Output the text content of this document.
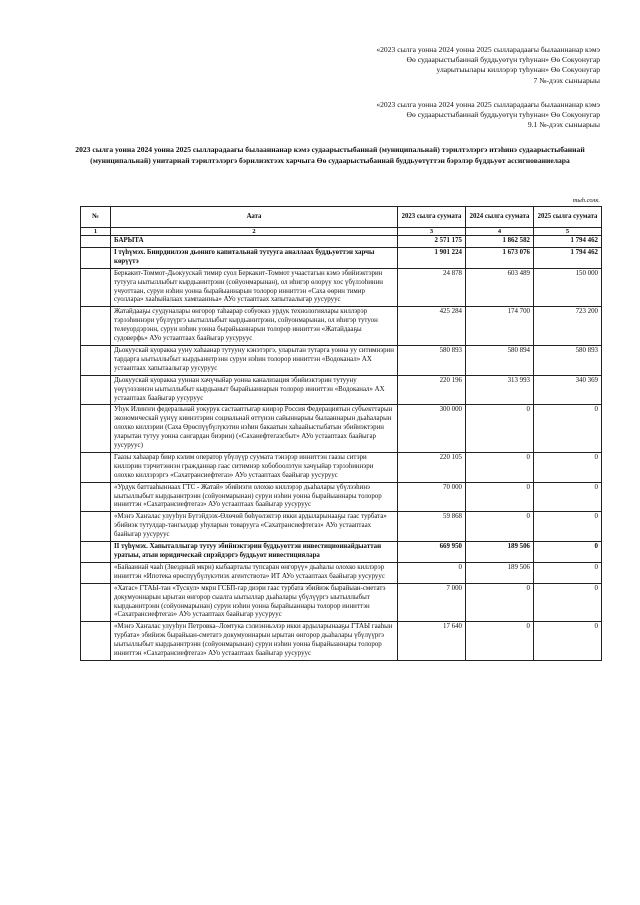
«2023 сылга уонна 2024 уонна 2025 сылларадаағы былааннанар кэмэ
Өө судаарыстыбаннай буддьуөтүн туһунан» Өө Сокуонугар
уларытыылары киллэрэр туһунан» Өө Сокуонугар
7 №-дээх сыныарыы
«2023 сылга уонна 2024 уонна 2025 сылларадаағы былааннанар кэмэ
Өө судаарыстыбаннай буддьуөтүн туһунан» Өө Сокуонугар
9.1 №-дээх сыныарыы
2023 сылга уонна 2024 уонна 2025 сылларадаағы былааннанар кэмэ судаарыстыбаннай (муниципальнай) тэрилтэлэргэ итэһинэ судаарыстыбаннай (муниципальнай) унитарнай тэрилтэлэргэ бэрилиэхтээх харчыга Өө судаарыстыбаннай буддьуөтүттэн бэрэлэр бүддьуөт ассигнованиелара
тыһ.солк.
№	Аата	2023 сылга суумата	2024 сылга суумата	2025 сылга суумата
1	2	3	4	5
	БАРЫТА	2 571 175	1 862 582	1 794 462
	I түһүмэх. Биирдиилээн дьоннго капитальнай тутууга аналлаах буддьуөттэн харчы көрүүтэ	1 901 224	1 673 076	1 794 462
	Беркакит-Томмот-Дьокуускай тимир суол Беркакит-Томмот учаастагын кэмэ эбийиэктэрин тутууга ыытыллыбыт кырдьаннтрэнн (сойуонмарынан), ол иһигэр өлорүу хос үбүлээһинин учуоттаан, суруи нэһин уонна бырайыаннарын толорор инниттэн «Саха өөрин тимир суоллара» хааһыйалаах хампаанньа» АУо устааптаах хапытаалыгар уусуруус	24 878	603 489	150 000
	Жатайдааҕы суудуналары өнгорор таһаарар собуоккэ урдук технологиялары киллэрэр тэрээһиннэри үбүлүүргэ ыытыллыбыт кырдьаннтрэнн, сойуонмарынан, ол иһигэр тутуон телеуордэрэнн, суруи нэһин уонна бырайыаннарын толорор инниттэн «Жатайдааҕы судоверфь» АУо устааптаах баайыгар уусуруус	425 284	174 700	723 200
	Дьокуускай куоракка ууну хаһаанар тутууну кэнэтэргэ, уларытан тутарга уонна уу ситимнэрин тардарга ыытыллыбыт кырдьаннтрэнн суруи нэһин толорор инниттэн «Водоканал» АХ устааптаах хапытаалыгар уусуруус	580 893	580 894	580 893
	Дьокуускай куоракка ууннан хачүчыйар уонна канализация эбийиэктэрин тутууну үөүүэзэзннэн ыытыллыбыт кырдьаныт бырайыаннарын толорор инниттэн «Водоканал» АХ устааптаах баайыгар уусуруус	220 196	313 993	340 369
	Уһук Илиҥҥи федеральнай уокурук састааптыгар киирэр Россия Федерациятын субъекттарын экономическай үүнүү киинэтэрин социальнай өттүнэн сайыннарыы былааннарын дьаһаларын олохко киллэрии (Саха Өрөспүүбүлүкэтин нэһин бакаатын хаһаайыстыбатын эбийиэктэрин уларытан тутуу уонна сангардан биэрии) («Саханефтегазсбыт» АУо устааптаах баайыгар уусуруус)	300 000	0	0
	Гаазы хаһаарар биир кэлим оператор үбүлүүр суумата тэнэрэр инниттэн гаазы ситэри киллэрин тэрчитэннэн гражданнар гаас ситимнэр хобобоолэтун хачүыйар тэрээһиннэри олохко киллэрэргэ «Сахатрансиефтегаз» АУо устааптаах баайыгар уусуруус	220 105	0	0
	«Урдук баттааһыннаах ГТС - Жатай» эбийиэги олохко киллэрэр дьаһалары үбүлээһинэ ыытыллыбыт кырдьаннтрэнн (сойуонмарынан) суруи нэһин уонна бырайыаннары толорор инниттэн «Сахатрансиефтегаз» АУо устааптаах баайыгар уусуруус	70 000	0	0
	«Мэҥэ Хаҥалас улууһун Бүтэйдээх-Өлөчөй бөһүөлэктэр икки ардыларынааҕы гаас турбата» эбийиэк тутулдар-тангылдар уһуларын товарууга «Сахатрансиефтегаз» АУо устааптаах баайыгар уусуруус	59 868	0	0
	II түһүмэх. Хапыталлыгар тутуу эбийиэктэрин буддьуөттэн инвестиционнайдыаттан уратыы, атын юридическай сирэйдэргэ буддьуөт инвестициялара	669 950	189 506	0
	«Байааннай чааһ (Звездный мкрн) кыбаарталы тупсаран өнгорүү» дьаһалы олохко киллэрэр инниттэн «Ипотека өрөспүүбүлүкэтиэх агентствота» ИТ АУо устааптаах баайыгар уусуруус	0	189 506	0
	«Хатас» ГТАЫ-тан «Тускул» мкрн ГСБП-гар диэри гаас турбата эбийиэк бырайыан-сметатэ докумуоннарын ырытан өнгорор сыалга ыытыллар дьаһалары үбүлүүргэ ыытыллыбыт кырдьаннтрэнн (сойуонмарынан) суруи нэһин уонна бырайыаннары толорор инниттэн «Сахатрансиефтегаз» АУо устааптаах баайыгар уусуруус	7 000	0	0
	«Мэҥэ Хаҥалас улууһун Петровка–Ломтука сэлиэнньэлэр икки ардыларынааҕы ГТАЫ гааһын турбата» эбийиэк бырайыан-сметатэ докумуоннарын ырытан өнгорор дьаһалары үбүлүүргэ ыытыллыбыт кырдьаннтрэнн (сойуонмарынан) суруи нэһин уонна бырайыаннары толорор инниттэн «Сахатрансиефтегаз» АУо устааптаах баайыгар уусуруус	17 640	0	0
